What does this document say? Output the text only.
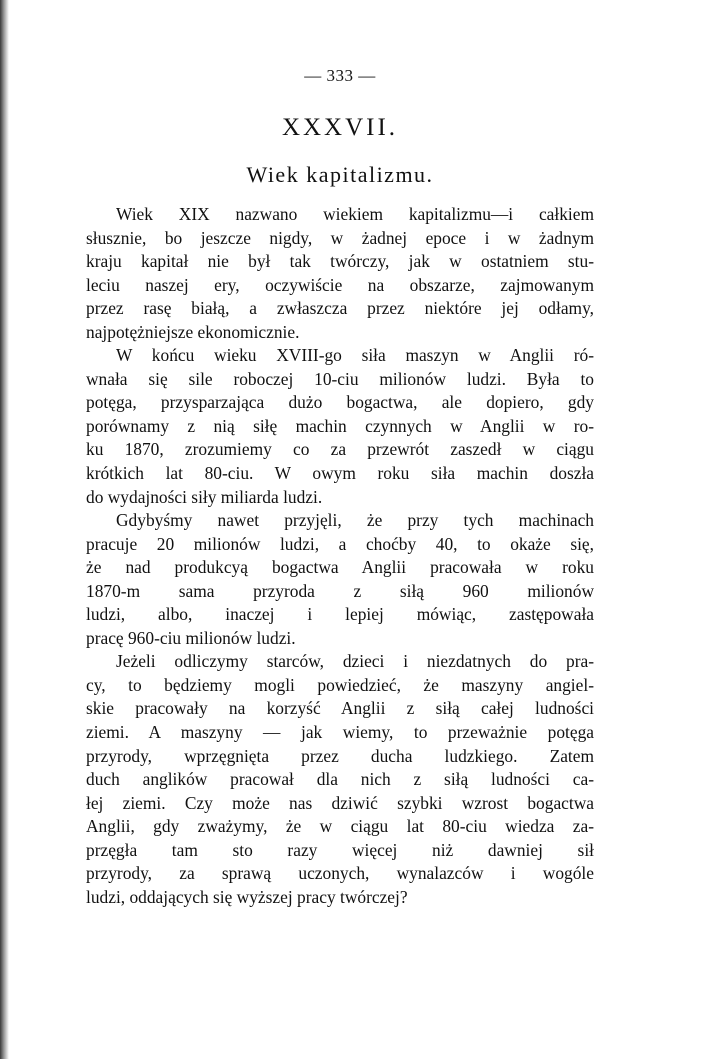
— 333 —
XXXVII.
Wiek kapitalizmu.
Wiek XIX nazwano wiekiem kapitalizmu—i całkiem
słusznie, bo jeszcze nigdy, w żadnej epoce i w żadnym
kraju kapitał nie był tak twórczy, jak w ostatniem stu-
leciu naszej ery, oczywiście na obszarze, zajmowanym
przez rasę białą, a zwłaszcza przez niektóre jej odłamy,
najpotężniejsze ekonomicznie.
W końcu wieku XVIII-go siła maszyn w Anglii ró-
wnała się sile roboczej 10-ciu milionów ludzi. Była to
potęga, przysparzająca dużo bogactwa, ale dopiero, gdy
porównamy z nią siłę machin czynnych w Anglii w ro-
ku 1870, zrozumiemy co za przewrót zaszedł w ciągu
krótkich lat 80-ciu. W owym roku siła machin doszła
do wydajności siły miliarda ludzi.
Gdybyśmy nawet przyjęli, że przy tych machinach
pracuje 20 milionów ludzi, a choćby 40, to okaże się,
że nad produkcyą bogactwa Anglii pracowała w roku
1870-m sama przyroda z siłą 960 milionów
ludzi, albo, inaczej i lepiej mówiąc, zastępowała
pracę 960-ciu milionów ludzi.
Jeżeli odliczymy starców, dzieci i niezdatnych do pra-
cy, to będziemy mogli powiedzieć, że maszyny angiel-
skie pracowały na korzyść Anglii z siłą całej ludności
ziemi. A maszyny — jak wiemy, to przeważnie potęga
przyrody, wprzęgnięta przez ducha ludzkiego. Zatem
duch anglików pracował dla nich z siłą ludności ca-
łej ziemi. Czy może nas dziwić szybki wzrost bogactwa
Anglii, gdy zważymy, że w ciągu lat 80-ciu wiedza za-
przęgła tam sto razy więcej niż dawniej sił
przyrody, za sprawą uczonych, wynalazców i wogóle
ludzi, oddających się wyższej pracy twórczej?
